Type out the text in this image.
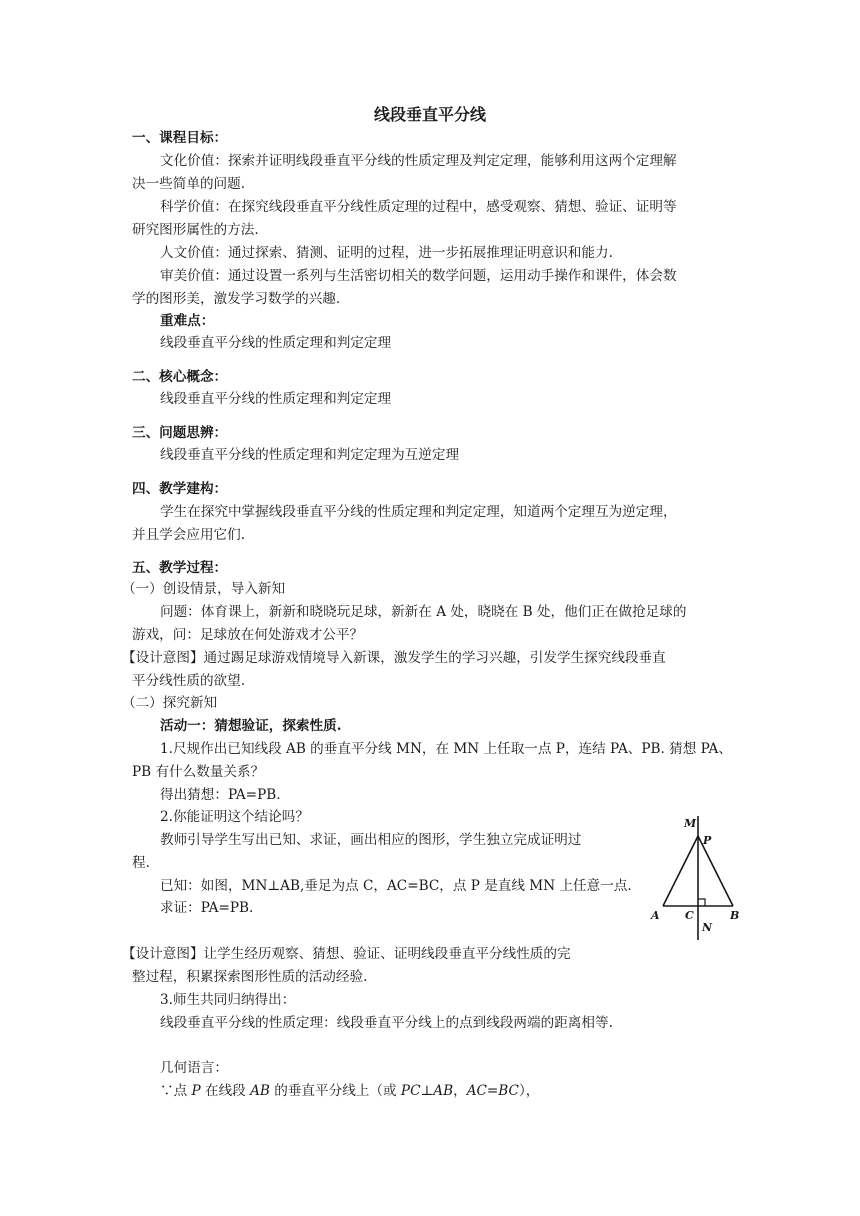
线段垂直平分线
一、课程目标：
文化价值：探索并证明线段垂直平分线的性质定理及判定定理，能够利用这两个定理解
决一些简单的问题.
科学价值：在探究线段垂直平分线性质定理的过程中，感受观察、猜想、验证、证明等
研究图形属性的方法.
人文价值：通过探索、猜测、证明的过程，进一步拓展推理证明意识和能力.
审美价值：通过设置一系列与生活密切相关的数学问题，运用动手操作和课件，体会数
学的图形美，激发学习数学的兴趣.
重难点：
线段垂直平分线的性质定理和判定定理
二、核心概念：
线段垂直平分线的性质定理和判定定理
三、问题思辨：
线段垂直平分线的性质定理和判定定理为互逆定理
四、教学建构：
学生在探究中掌握线段垂直平分线的性质定理和判定定理，知道两个定理互为逆定理，
并且学会应用它们.
五、教学过程：
（一）创设情景，导入新知
问题：体育课上，新新和晓晓玩足球，新新在 A 处，晓晓在 B 处，他们正在做抢足球的
游戏，问：足球放在何处游戏才公平？
【设计意图】通过踢足球游戏情境导入新课，激发学生的学习兴趣，引发学生探究线段垂直
平分线性质的欲望.
（二）探究新知
活动一：猜想验证，探索性质.
1.尺规作出已知线段 AB 的垂直平分线 MN，在 MN 上任取一点 P，连结 PA、PB. 猜想 PA、
PB 有什么数量关系？
得出猜想：PA=PB.
2.你能证明这个结论吗？
教师引导学生写出已知、求证，画出相应的图形，学生独立完成证明过
程.
已知：如图，MN⊥AB,垂足为点 C，AC=BC，点 P 是直线 MN 上任意一点.
求证：PA=PB.
【设计意图】让学生经历观察、猜想、验证、证明线段垂直平分线性质的完
整过程，积累探索图形性质的活动经验.
3.师生共同归纳得出：
线段垂直平分线的性质定理：线段垂直平分线上的点到线段两端的距离相等.
几何语言：
∵点 P 在线段 AB 的垂直平分线上（或 PC⊥AB，AC=BC），
M
P
A C	B
N
